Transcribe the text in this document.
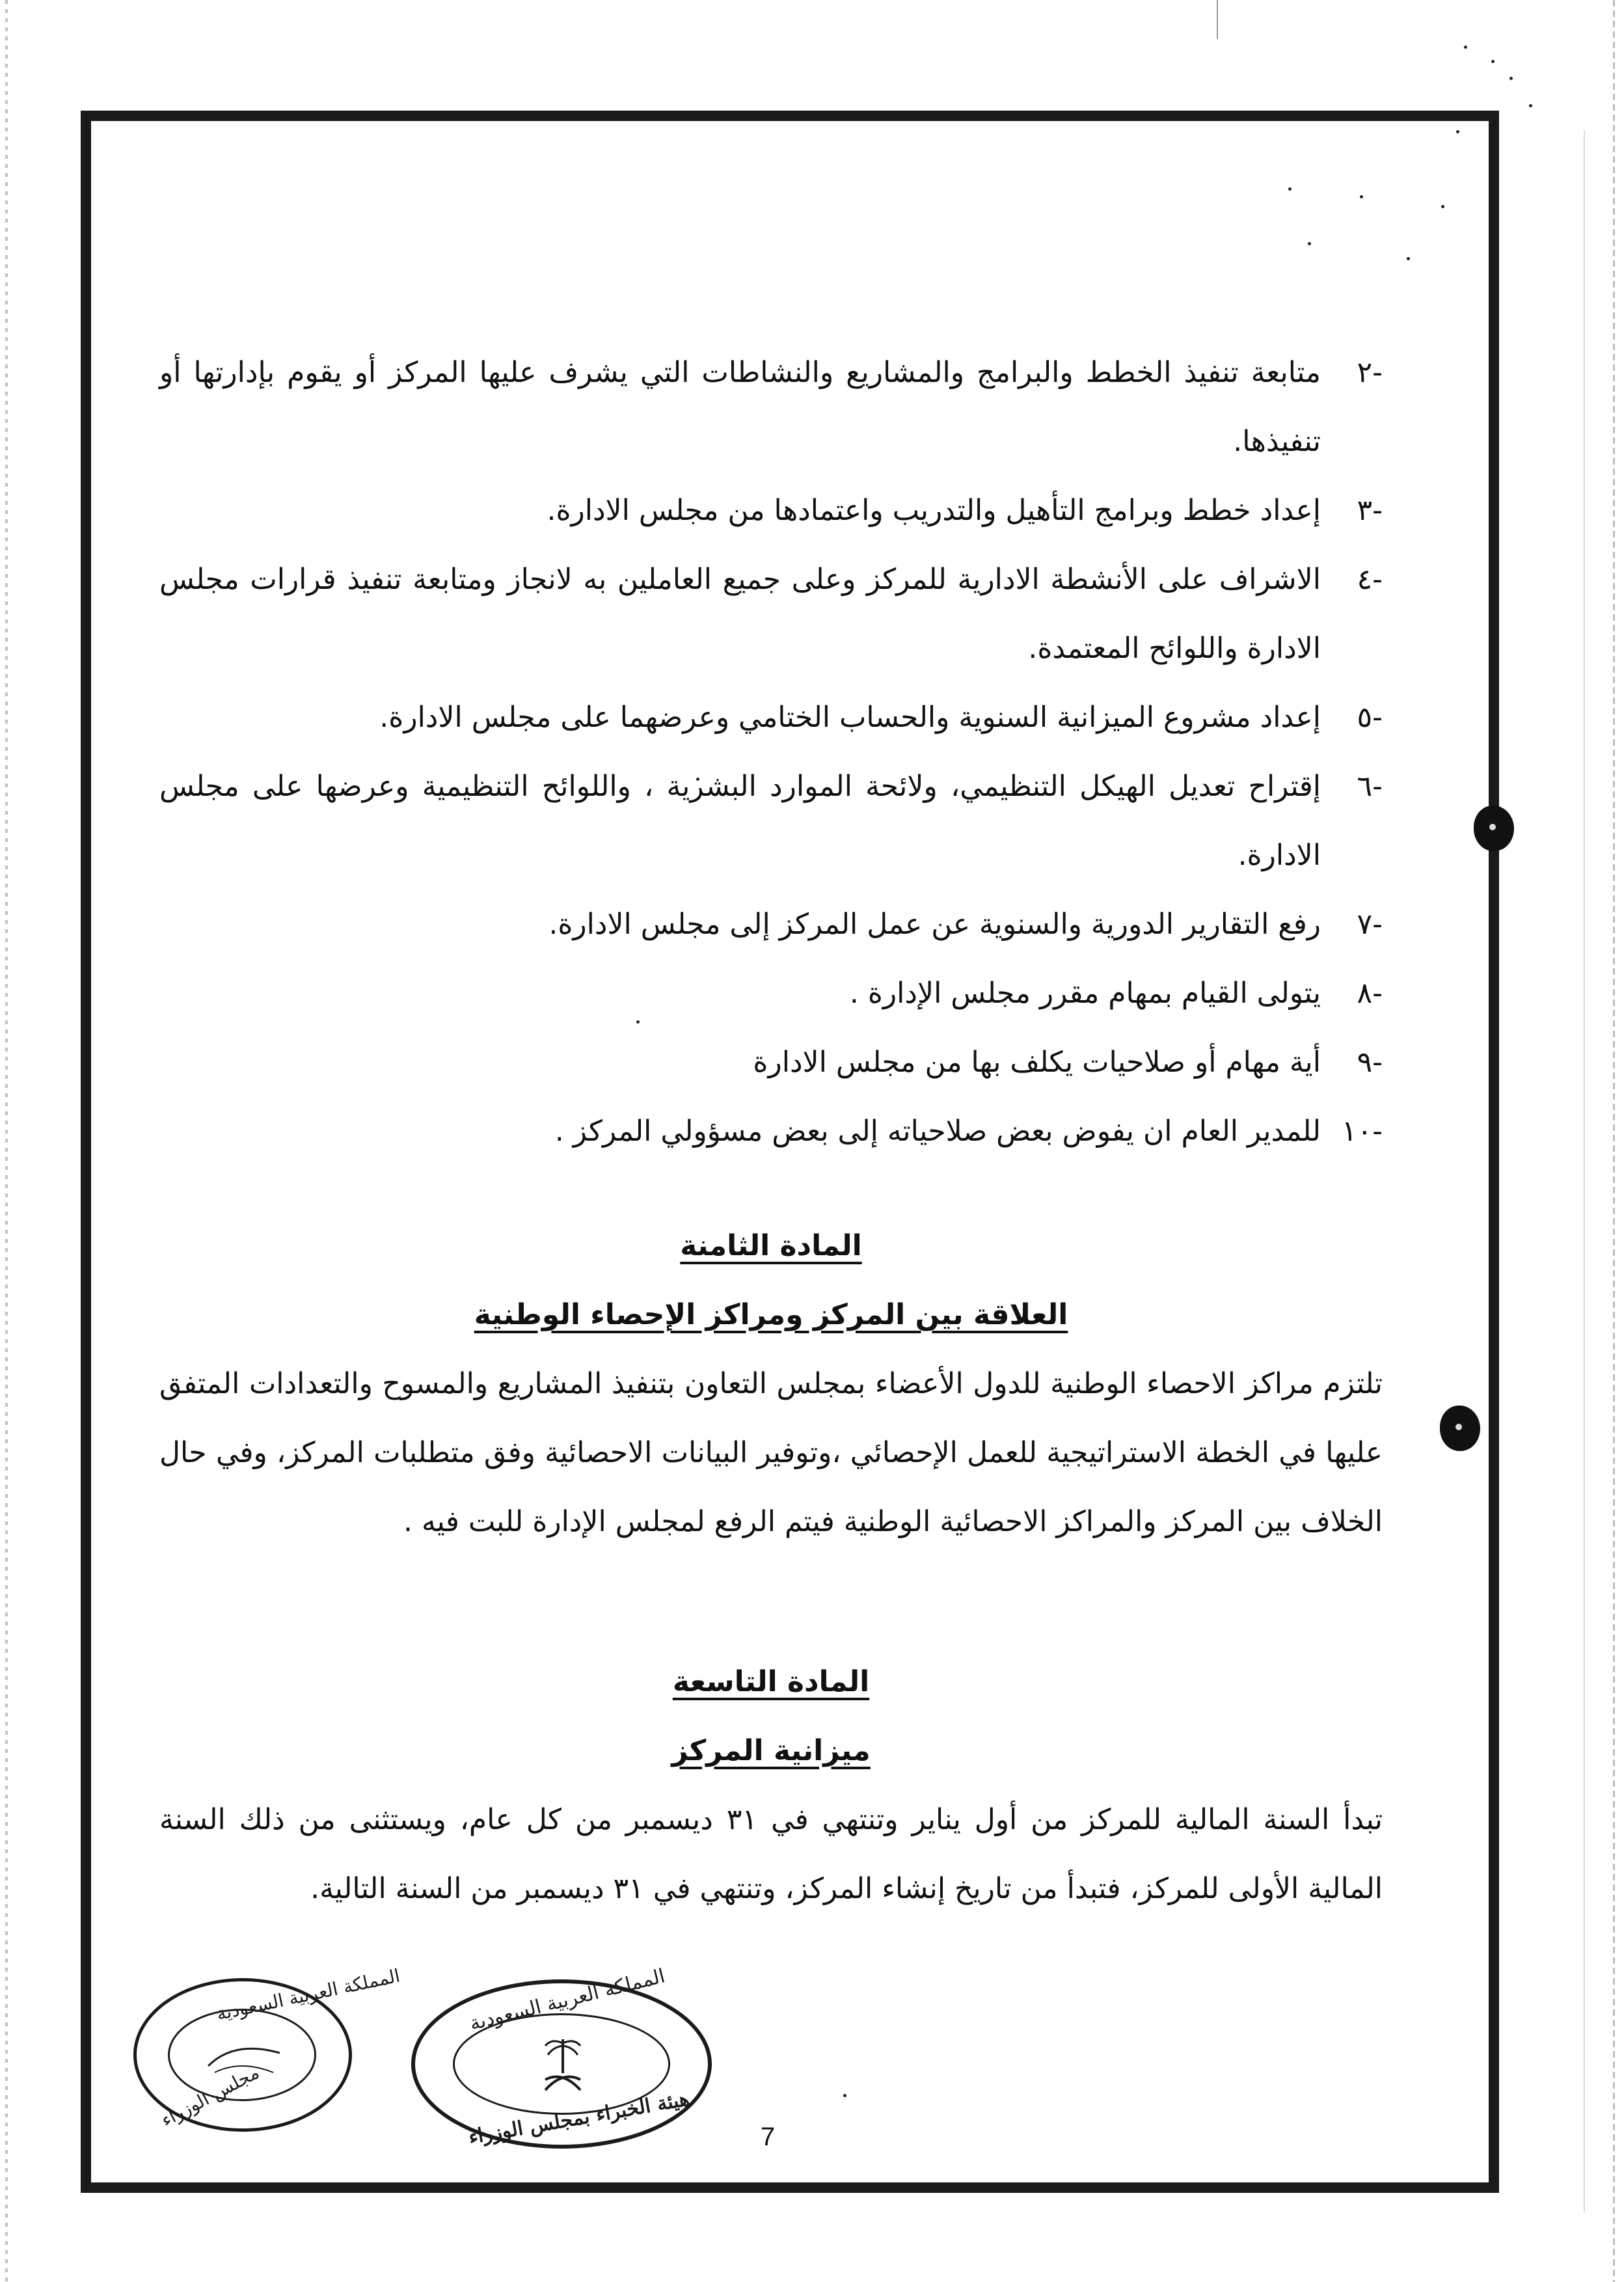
-٢
متابعة تنفيذ الخطط والبرامج والمشاريع والنشاطات التي يشرف عليها المركز أو يقوم بإدارتها أو تنفيذها.
-٣
إعداد خطط وبرامج التأهيل والتدريب واعتمادها من مجلس الادارة.
-٤
الاشراف على الأنشطة الادارية للمركز وعلى جميع العاملين به لانجاز ومتابعة تنفيذ قرارات مجلس الادارة واللوائح المعتمدة.
-٥
إعداد مشروع الميزانية السنوية والحساب الختامي وعرضهما على مجلس الادارة.
-٦
إقتراح تعديل الهيكل التنظيمي، ولائحة الموارد البشرية ، واللوائح التنظيمية وعرضها على مجلس الادارة.
-٧
رفع التقارير الدورية والسنوية عن عمل المركز إلى مجلس الادارة.
-٨
يتولى القيام بمهام مقرر مجلس الإدارة .
-٩
أية مهام أو صلاحيات يكلف بها من مجلس الادارة
-١٠
للمدير العام ان يفوض بعض صلاحياته إلى بعض مسؤولي المركز .
المادة الثامنة
العلاقة بين المركز ومراكز الإحصاء الوطنية
تلتزم مراكز الاحصاء الوطنية للدول الأعضاء بمجلس التعاون بتنفيذ المشاريع والمسوح والتعدادات المتفق عليها في الخطة الاستراتيجية للعمل الإحصائي ،وتوفير البيانات الاحصائية وفق متطلبات المركز، وفي حال الخلاف بين المركز والمراكز الاحصائية الوطنية فيتم الرفع لمجلس الإدارة للبت فيه .
المادة التاسعة
ميزانية المركز
تبدأ السنة المالية للمركز من أول يناير وتنتهي في ٣١ ديسمبر من كل عام، ويستثنى من ذلك السنة المالية الأولى للمركز، فتبدأ من تاريخ إنشاء المركز، وتنتهي في ٣١ ديسمبر من السنة التالية.
المملكة العربية السعودية
هيئة الخبراء بمجلس الوزراء
المملكة العربية السعودية
مجلس الوزراء
7
